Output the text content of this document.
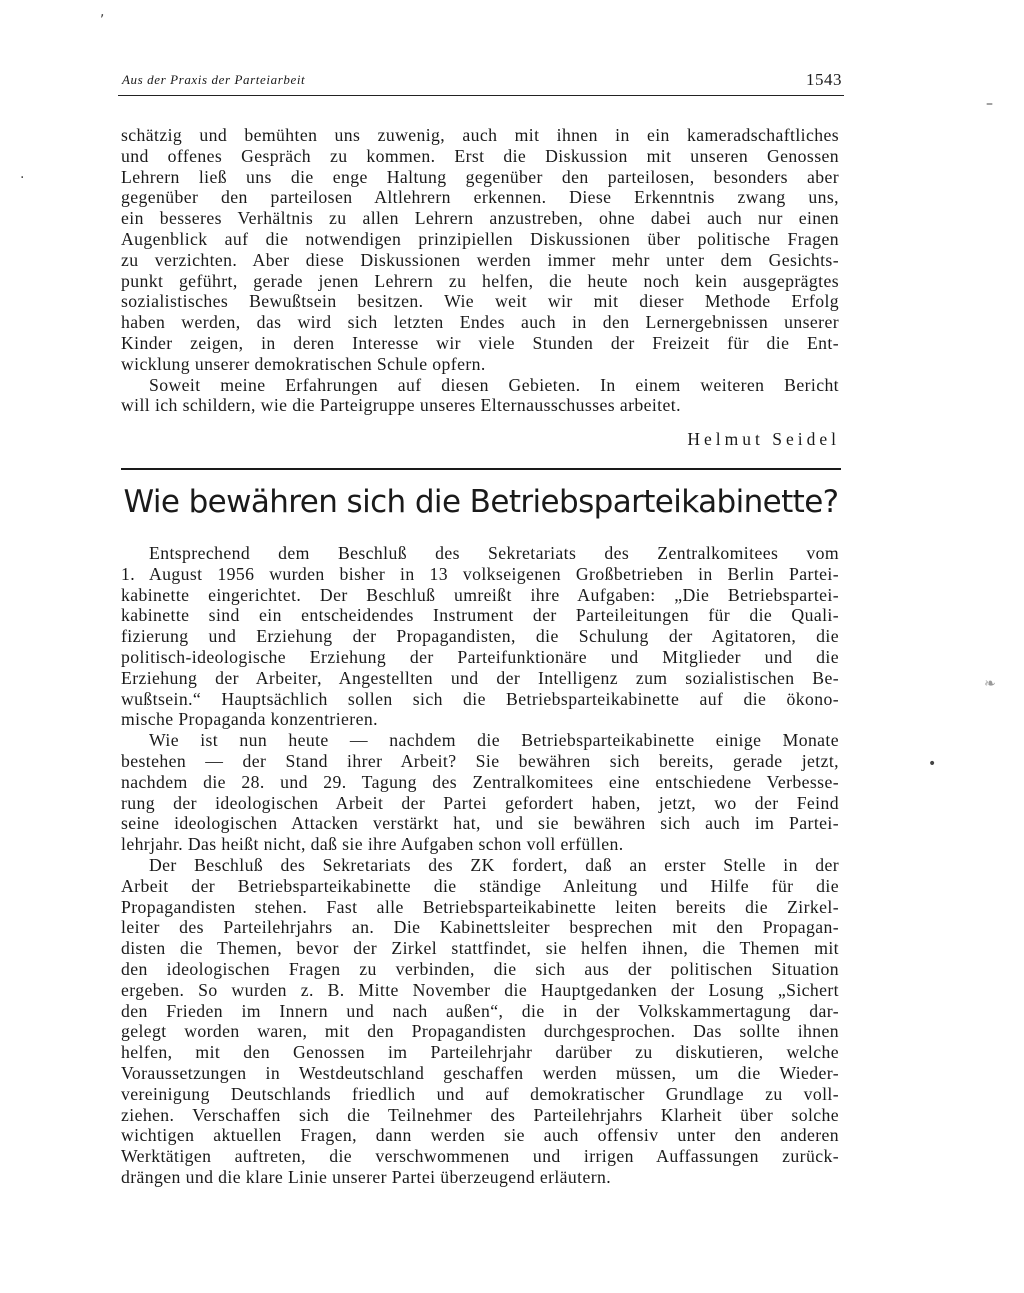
,
–
·
❧
•
Aus der Praxis der Parteiarbeit	1543

schätzig und bemühten uns zuwenig, auch mit ihnen in ein kameradschaftliches

und offenes Gespräch zu kommen. Erst die Diskussion mit unseren Genossen

Lehrern ließ uns die enge Haltung gegenüber den parteilosen, besonders aber

gegenüber den parteilosen Altlehrern erkennen. Diese Erkenntnis zwang uns,

ein besseres Verhältnis zu allen Lehrern anzustreben, ohne dabei auch nur einen

Augenblick auf die notwendigen prinzipiellen Diskussionen über politische Fragen

zu verzichten. Aber diese Diskussionen werden immer mehr unter dem Gesichts-

punkt geführt, gerade jenen Lehrern zu helfen, die heute noch kein ausgeprägtes

sozialistisches Bewußtsein besitzen. Wie weit wir mit dieser Methode Erfolg

haben werden, das wird sich letzten Endes auch in den Lernergebnissen unserer

Kinder zeigen, in deren Interesse wir viele Stunden der Freizeit für die Ent-

wicklung unserer demokratischen Schule opfern.

Soweit meine Erfahrungen auf diesen Gebieten. In einem weiteren Bericht

will ich schildern, wie die Parteigruppe unseres Elternausschusses arbeitet.

Helmut Seidel
Wie bewähren sich die Betriebsparteikabinette?

Entsprechend dem Beschluß des Sekretariats des Zentralkomitees vom

1. August 1956 wurden bisher in 13 volkseigenen Großbetrieben in Berlin Partei-

kabinette eingerichtet. Der Beschluß umreißt ihre Aufgaben: „Die Betriebspartei-

kabinette sind ein entscheidendes Instrument der Parteileitungen für die Quali-

fizierung und Erziehung der Propagandisten, die Schulung der Agitatoren, die

politisch-ideologische Erziehung der Parteifunktionäre und Mitglieder und die

Erziehung der Arbeiter, Angestellten und der Intelligenz zum sozialistischen Be-

wußtsein.“ Hauptsächlich sollen sich die Betriebsparteikabinette auf die ökono-

mische Propaganda konzentrieren.

Wie ist nun heute — nachdem die Betriebsparteikabinette einige Monate

bestehen — der Stand ihrer Arbeit? Sie bewähren sich bereits, gerade jetzt,

nachdem die 28. und 29. Tagung des Zentralkomitees eine entschiedene Verbesse-

rung der ideologischen Arbeit der Partei gefordert haben, jetzt, wo der Feind

seine ideologischen Attacken verstärkt hat, und sie bewähren sich auch im Partei-

lehrjahr. Das heißt nicht, daß sie ihre Aufgaben schon voll erfüllen.

Der Beschluß des Sekretariats des ZK fordert, daß an erster Stelle in der

Arbeit der Betriebsparteikabinette die ständige Anleitung und Hilfe für die

Propagandisten stehen. Fast alle Betriebsparteikabinette leiten bereits die Zirkel-

leiter des Parteilehrjahrs an. Die Kabinettsleiter besprechen mit den Propagan-

disten die Themen, bevor der Zirkel stattfindet, sie helfen ihnen, die Themen mit

den ideologischen Fragen zu verbinden, die sich aus der politischen Situation

ergeben. So wurden z. B. Mitte November die Hauptgedanken der Losung „Sichert

den Frieden im Innern und nach außen“, die in der Volkskammertagung dar-

gelegt worden waren, mit den Propagandisten durchgesprochen. Das sollte ihnen

helfen, mit den Genossen im Parteilehrjahr darüber zu diskutieren, welche

Voraussetzungen in Westdeutschland geschaffen werden müssen, um die Wieder-

vereinigung Deutschlands friedlich und auf demokratischer Grundlage zu voll-

ziehen. Verschaffen sich die Teilnehmer des Parteilehrjahrs Klarheit über solche

wichtigen aktuellen Fragen, dann werden sie auch offensiv unter den anderen

Werktätigen auftreten, die verschwommenen und irrigen Auffassungen zurück-

drängen und die klare Linie unserer Partei überzeugend erläutern.
